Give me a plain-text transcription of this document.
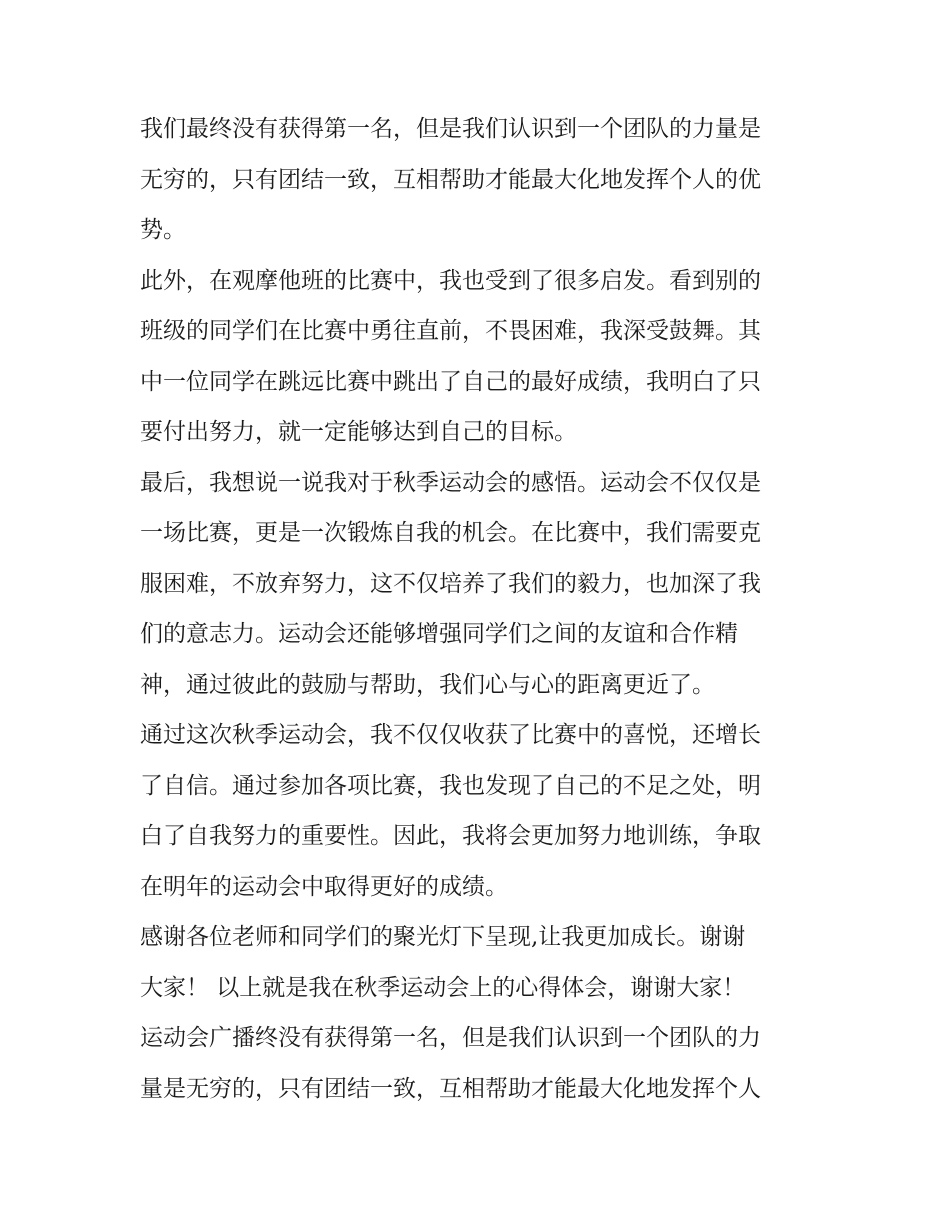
我们最终没有获得第一名，但是我们认识到一个团队的力量是
无穷的，只有团结一致，互相帮助才能最大化地发挥个人的优
势。
此外，在观摩他班的比赛中，我也受到了很多启发。看到别的
班级的同学们在比赛中勇往直前，不畏困难，我深受鼓舞。其
中一位同学在跳远比赛中跳出了自己的最好成绩，我明白了只
要付出努力，就一定能够达到自己的目标。
最后，我想说一说我对于秋季运动会的感悟。运动会不仅仅是
一场比赛，更是一次锻炼自我的机会。在比赛中，我们需要克
服困难，不放弃努力，这不仅培养了我们的毅力，也加深了我
们的意志力。运动会还能够增强同学们之间的友谊和合作精
神，通过彼此的鼓励与帮助，我们心与心的距离更近了。
通过这次秋季运动会，我不仅仅收获了比赛中的喜悦，还增长
了自信。通过参加各项比赛，我也发现了自己的不足之处，明
白了自我努力的重要性。因此，我将会更加努力地训练，争取
在明年的运动会中取得更好的成绩。
感谢各位老师和同学们的聚光灯下呈现,让我更加成长。谢谢
大家！ 以上就是我在秋季运动会上的心得体会，谢谢大家！
运动会广播终没有获得第一名，但是我们认识到一个团队的力
量是无穷的，只有团结一致，互相帮助才能最大化地发挥个人
